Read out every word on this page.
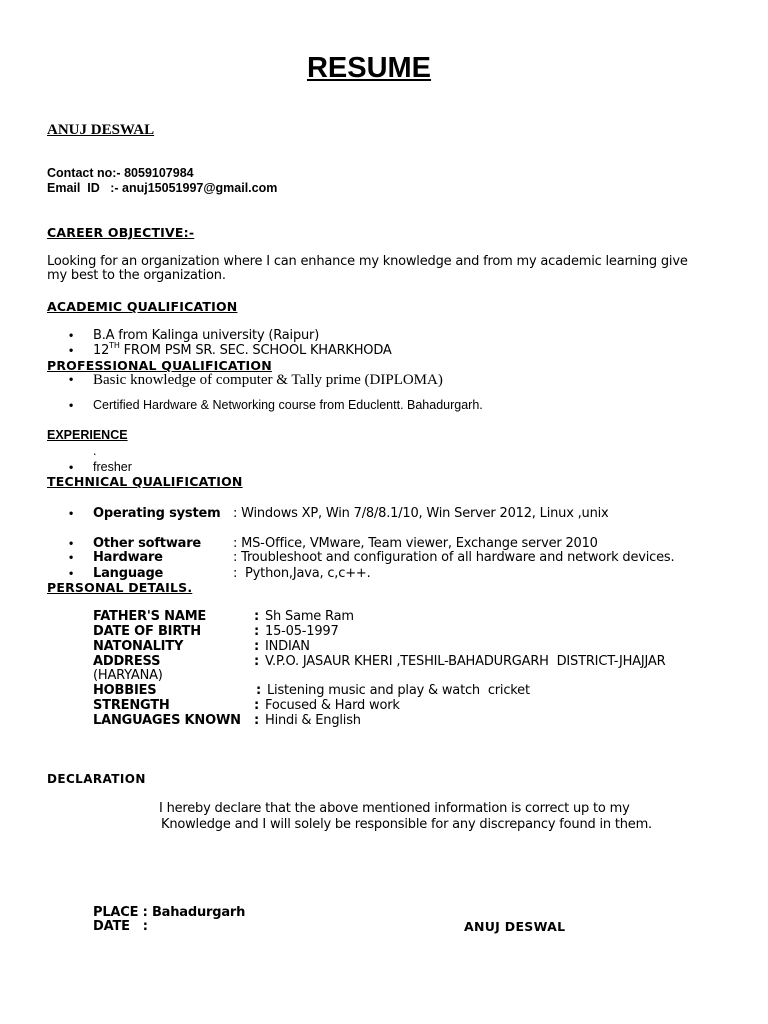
RESUME
ANUJ DESWAL
Contact no:- 8059107984
Email  ID   :- anuj15051997@gmail.com
CAREER OBJECTIVE:-
Looking for an organization where I can enhance my knowledge and from my academic learning give
my best to the organization.
ACADEMIC QUALIFICATION
• B.A from Kalinga university (Raipur)
• 12TH FROM PSM SR. SEC. SCHOOL KHARKHODA
PROFESSIONAL QUALIFICATION
• Basic knowledge of computer & Tally prime (DIPLOMA)
• Certified Hardware & Networking course from Educlentt. Bahadurgarh.
EXPERIENCE
.
• fresher
TECHNICAL QUALIFICATION
• Operating system : Windows XP, Win 7/8/8.1/10, Win Server 2012, Linux ,unix
• Other software : MS-Office, VMware, Team viewer, Exchange server 2010
• Hardware	: Troubleshoot and configuration of all hardware and network devices.
• Language	:  Python,Java, c,c++.
PERSONAL DETAILS.
FATHER'S NAME	: Sh Same Ram
DATE OF BIRTH	: 15-05-1997
NATONALITY	: INDIAN
ADDRESS	: V.P.O. JASAUR KHERI ,TESHIL-BAHADURGARH  DISTRICT-JHAJJAR
(HARYANA)
HOBBIES	: Listening music and play & watch  cricket
STRENGTH	: Focused & Hard work
LANGUAGES KNOWN : Hindi & English
DECLARATION
I hereby declare that the above mentioned information is correct up to my
Knowledge and I will solely be responsible for any discrepancy found in them.
PLACE : Bahadurgarh
DATE   :	ANUJ DESWAL
